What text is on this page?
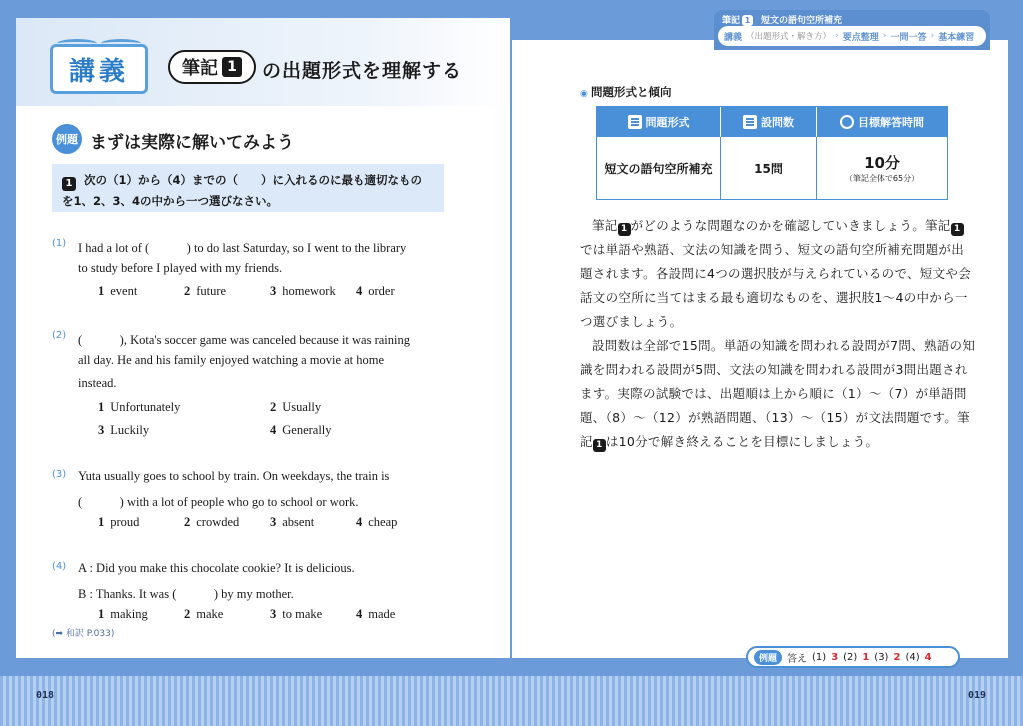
講義	筆記 1 の出題形式を理解する
例題 まずは実際に解いてみよう
1 次の（1）から（4）までの（　　）に入れるのに最も適切なもの
を1、2、3、4の中から一つ選びなさい。
(1) I had a lot of (　　　) to do last Saturday, so I went to the library
to study before I played with my friends.
1 event	2 future	3 homework 4 order
(2) (　　　), Kota's soccer game was canceled because it was raining
all day. He and his family enjoyed watching a movie at home
instead.
1 Unfortunately	2 Usually
3 Luckily	4 Generally
(3) Yuta usually goes to school by train. On weekdays, the train is
(　　　) with a lot of people who go to school or work.
1 proud	2 crowded 3 absent	4 cheap
(4) A : Did you make this chocolate cookie? It is delicious.
B : Thanks. It was (　　　) by my mother.
1 making	2 make	3 to make	4 made
(➡ 和訳 P.033)
筆記 1 短文の語句空所補充
講義 （出題形式・解き方） › 要点整理 › 一問一答 › 基本練習
◉ 問題形式と傾向
問題形式	設問数	目標解答時間
短文の語句空所補充	15問	10分
（筆記全体で65分）
筆記 1 がどのような問題なのかを確認していきましょう。筆記 1では単語や熟語、文法の知識を問う、短文の語句空所補充問題が出題されます。各設問に4つの選択肢が与えられているので、短文や会話文の空所に当てはまる最も適切なものを、選択肢1〜4の中から一つ選びましょう。
設問数は全部で15問。単語の知識を問われる設問が7問、熟語の知識を問われる設問が5問、文法の知識を問われる設問が3問出題されます。実際の試験では、出題順は上から順に（1）〜（7）が単語問題、（8）〜（12）が熟語問題、（13）〜（15）が文法問題です。筆記 1 は10分で解き終えることを目標にしましょう。
例題	答え (1) 3 (2) 1 (3) 2 (4) 4
018	019
